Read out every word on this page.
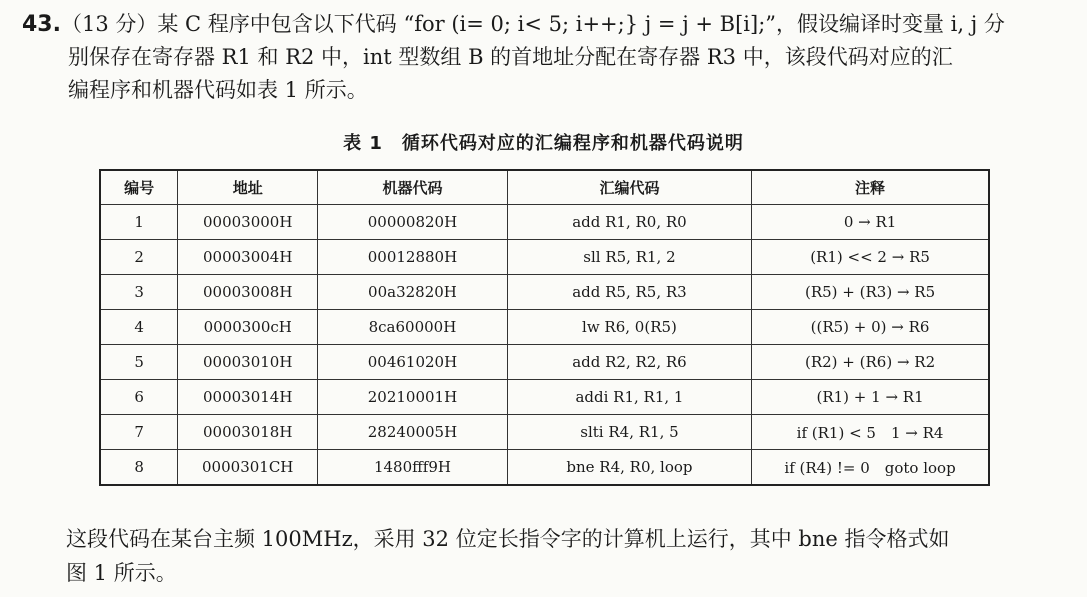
43.（13 分）某 C 程序中包含以下代码 “for (i= 0; i< 5; i++;} j = j + B[i];”，假设编译时变量 i, j 分
别保存在寄存器 R1 和 R2 中，int 型数组 B 的首地址分配在寄存器 R3 中，该段代码对应的汇
编程序和机器代码如表 1 所示。
表 1　循环代码对应的汇编程序和机器代码说明
编号	地址	机器代码	汇编代码	注释
1	00003000H	00000820H	add R1, R0, R0	0 → R1
2	00003004H	00012880H	sll R5, R1, 2	(R1) << 2 → R5
3	00003008H	00a32820H	add R5, R5, R3	(R5) + (R3) → R5
4	0000300cH	8ca60000H	lw R6, 0(R5)	((R5) + 0) → R6
5	00003010H	00461020H	add R2, R2, R6	(R2) + (R6) → R2
6	00003014H	20210001H	addi R1, R1, 1	(R1) + 1 → R1
7	00003018H	28240005H	slti R4, R1, 5	if (R1) < 5　1 → R4
8	0000301CH	1480fff9H	bne R4, R0, loop	if (R4) != 0　goto loop
这段代码在某台主频 100MHz，采用 32 位定长指令字的计算机上运行，其中 bne 指令格式如
图 1 所示。
